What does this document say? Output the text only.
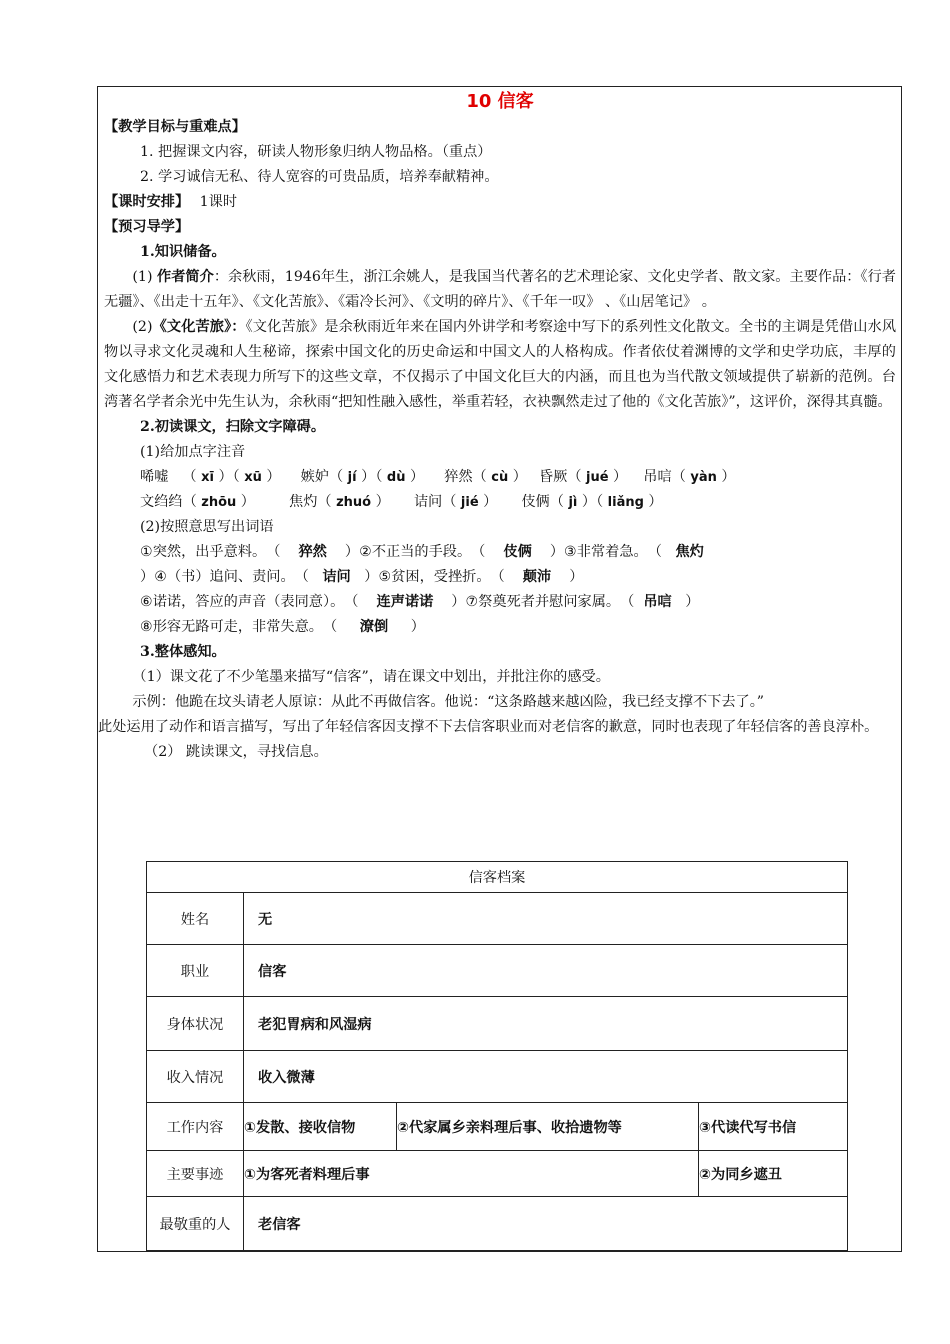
10 信客
【教学目标与重难点】
1. 把握课文内容，研读人物形象归纳人物品格。（重点）
2. 学习诚信无私、待人宽容的可贵品质，培养奉献精神。
【课时安排】 1课时
【预习导学】
1.知识储备。
(1) 作者简介：余秋雨，1946年生，浙江余姚人，是我国当代著名的艺术理论家、文化史学者、散文家。主要作品：《行者无疆》、《出走十五年》、《文化苦旅》、《霜冷长河》、《文明的碎片》、《千年一叹》 、《山居笔记》 。
(2)《文化苦旅》：《文化苦旅》是余秋雨近年来在国内外讲学和考察途中写下的系列性文化散文。全书的主调是凭借山水风物以寻求文化灵魂和人生秘谛，探索中国文化的历史命运和中国文人的人格构成。作者依仗着渊博的文学和史学功底，丰厚的文化感悟力和艺术表现力所写下的这些文章，不仅揭示了中国文化巨大的内涵，而且也为当代散文领域提供了崭新的范例。台湾著名学者余光中先生认为，余秋雨“把知性融入感性，举重若轻，衣袂飘然走过了他的《文化苦旅》”，这评价，深得其真髓。
2.初读课文，扫除文字障碍。
(1)给加点字注音
唏嘘 （ xī ）（ xū ） 嫉妒 （ jí ）（ dù ） 猝然 （ cù ） 昏厥 （ jué ） 吊唁 （ yàn ）
文绉绉 （ zhōu ） 焦灼 （ zhuó ） 诘问 （ jié ） 伎俩 （ jì ）（ liǎng ）
(2)按照意思写出词语
① 突然，出乎意料。 （    猝然    ） ② 不正当的手段。 （    伎俩    ） ③ 非常着急。 （   焦灼
） ④ （书）追问、责问。 （   诘问   ） ⑤ 贫困，受挫折。 （    颠沛    ）
⑥ 诺诺，答应的声音（表同意）。 （    连声诺诺    ） ⑦ 祭奠死者并慰问家属。 （  吊唁   ）
⑧ 形容无路可走，非常失意。 （     潦倒     ）
3.整体感知。
（1）课文花了不少笔墨来描写“信客”，请在课文中划出，并批注你的感受。
示例：他跪在坟头请老人原谅：从此不再做信客。他说：“这条路越来越凶险，我已经支撑不下去了。”
此处运用了动作和语言描写，写出了年轻信客因支撑不下去信客职业而对老信客的歉意，同时也表现了年轻信客的善良淳朴。
（2） 跳读课文，寻找信息。
信客档案			
姓名	无		
职业	信客		
身体状况	老犯胃病和风湿病		
收入情况	收入微薄		
工作内容	①发散、接收信物	②代家属乡亲料理后事、收拾遗物等	③代读代写书信
主要事迹	①为客死者料理后事		②为同乡遮丑
最敬重的人	老信客		
